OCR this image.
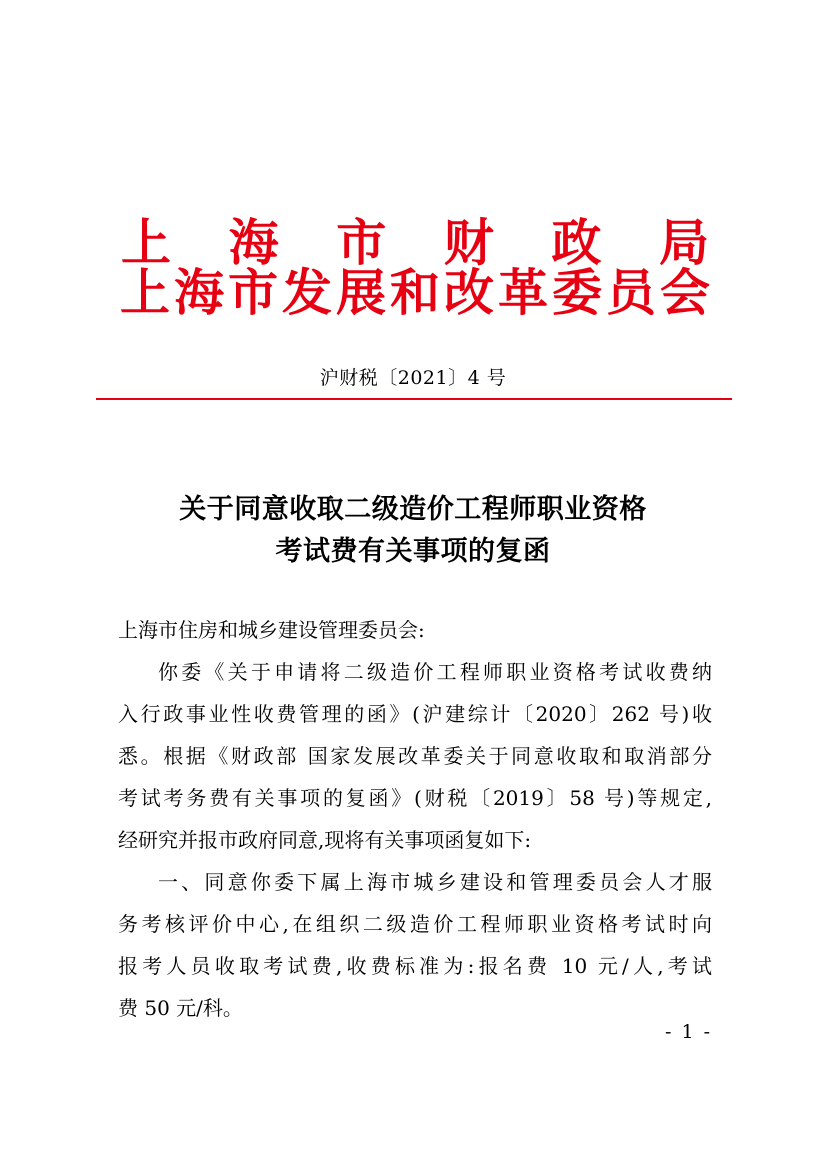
上 海 市 财 政 局
上 海 市 发 展 和 改 革 委 员 会
沪财税〔2021〕4 号
关于同意收取二级造价工程师职业资格
考试费有关事项的复函
上海市住房和城乡建设管理委员会:
你委《关于申请将二级造价工程师职业资格考试收费纳
入行政事业性收费管理的函》(沪建综计〔2020〕262 号)收
悉。根据《财政部 国家发展改革委关于同意收取和取消部分
考试考务费有关事项的复函》(财税〔2019〕58 号)等规定,
经研究并报市政府同意,现将有关事项函复如下:
一、同意你委下属上海市城乡建设和管理委员会人才服
务考核评价中心,在组织二级造价工程师职业资格考试时向
报考人员收取考试费,收费标准为:报名费 10 元/人,考试
费 50 元/科。
- 1 -
